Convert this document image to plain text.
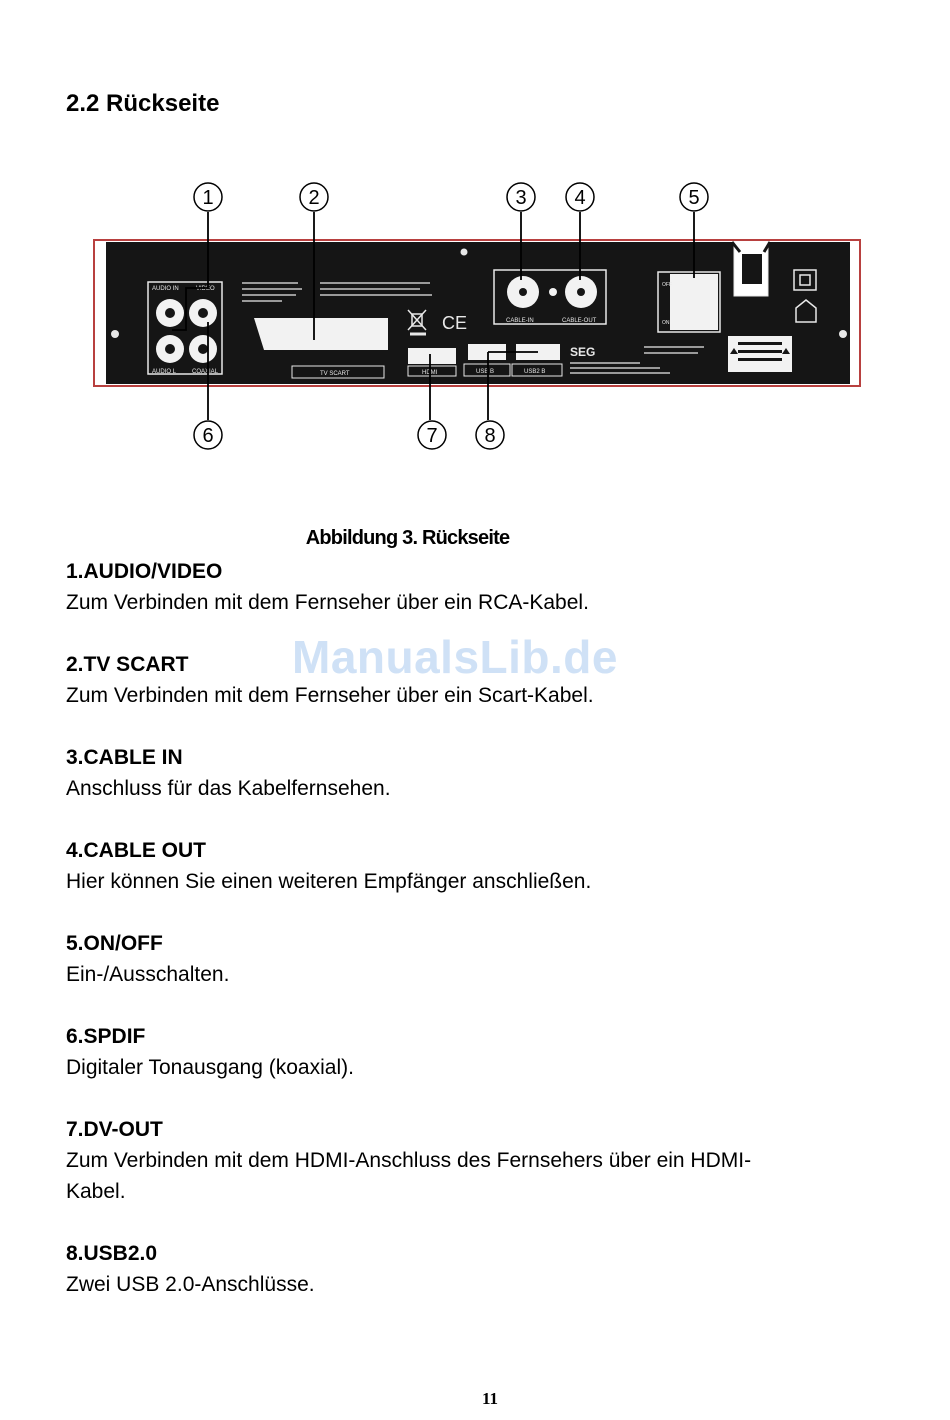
2.2 Rückseite
AUDIO IN	VIDEO
AUDIO L	COAXIAL	TV SCART
CE
HDMI	USB B	USB2 B
SEG
CABLE-IN	CABLE-OUT
OFF
ON
1	2	3 4	5
6	7 8

Abbildung 3. Rückseite

ManualsLib.de
1.AUDIO/VIDEO
Zum Verbinden mit dem Fernseher über ein RCA-Kabel.
2.TV SCART
Zum Verbinden mit dem Fernseher über ein Scart-Kabel.
3.CABLE IN
Anschluss für das Kabelfernsehen.
4.CABLE OUT
Hier können Sie einen weiteren Empfänger anschließen.
5.ON/OFF
Ein-/Ausschalten.
6.SPDIF
Digitaler Tonausgang (koaxial).
7.DV-OUT
Zum Verbinden mit dem HDMI-Anschluss des Fernsehers über ein HDMI-Kabel.
8.USB2.0
Zwei USB 2.0-Anschlüsse.
11
